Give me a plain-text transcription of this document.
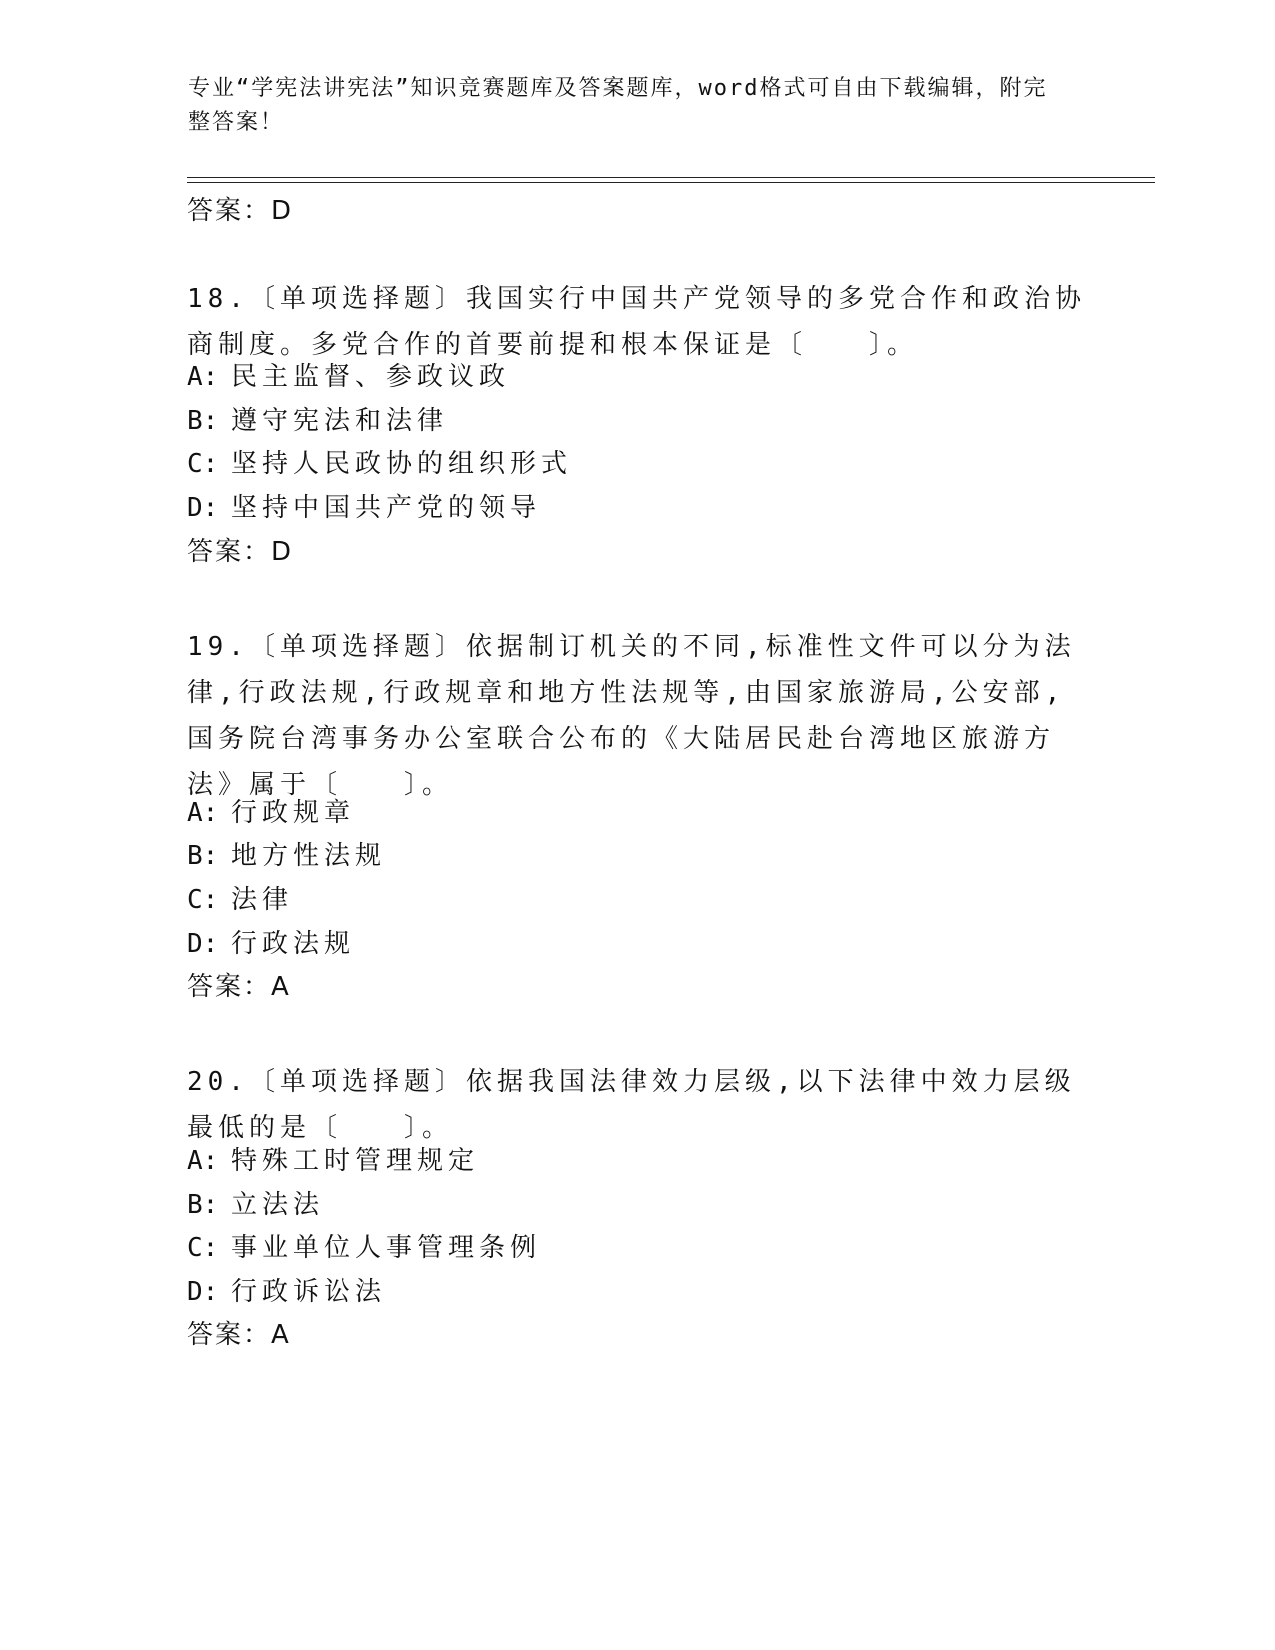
专业“学宪法讲宪法”知识竞赛题库及答案题库，word格式可自由下载编辑，附完整答案！
答案：D
18.〔单项选择题〕我国实行中国共产党领导的多党合作和政治协商制度。多党合作的首要前提和根本保证是〔　　〕。
A: 民主监督、参政议政
B: 遵守宪法和法律
C: 坚持人民政协的组织形式
D: 坚持中国共产党的领导
答案：D
19.〔单项选择题〕依据制订机关的不同,标准性文件可以分为法律,行政法规,行政规章和地方性法规等,由国家旅游局,公安部,国务院台湾事务办公室联合公布的《大陆居民赴台湾地区旅游方法》属于〔　　〕。
A: 行政规章
B: 地方性法规
C: 法律
D: 行政法规
答案：A
20.〔单项选择题〕依据我国法律效力层级,以下法律中效力层级最低的是〔　　〕。
A: 特殊工时管理规定
B: 立法法
C: 事业单位人事管理条例
D: 行政诉讼法
答案：A
